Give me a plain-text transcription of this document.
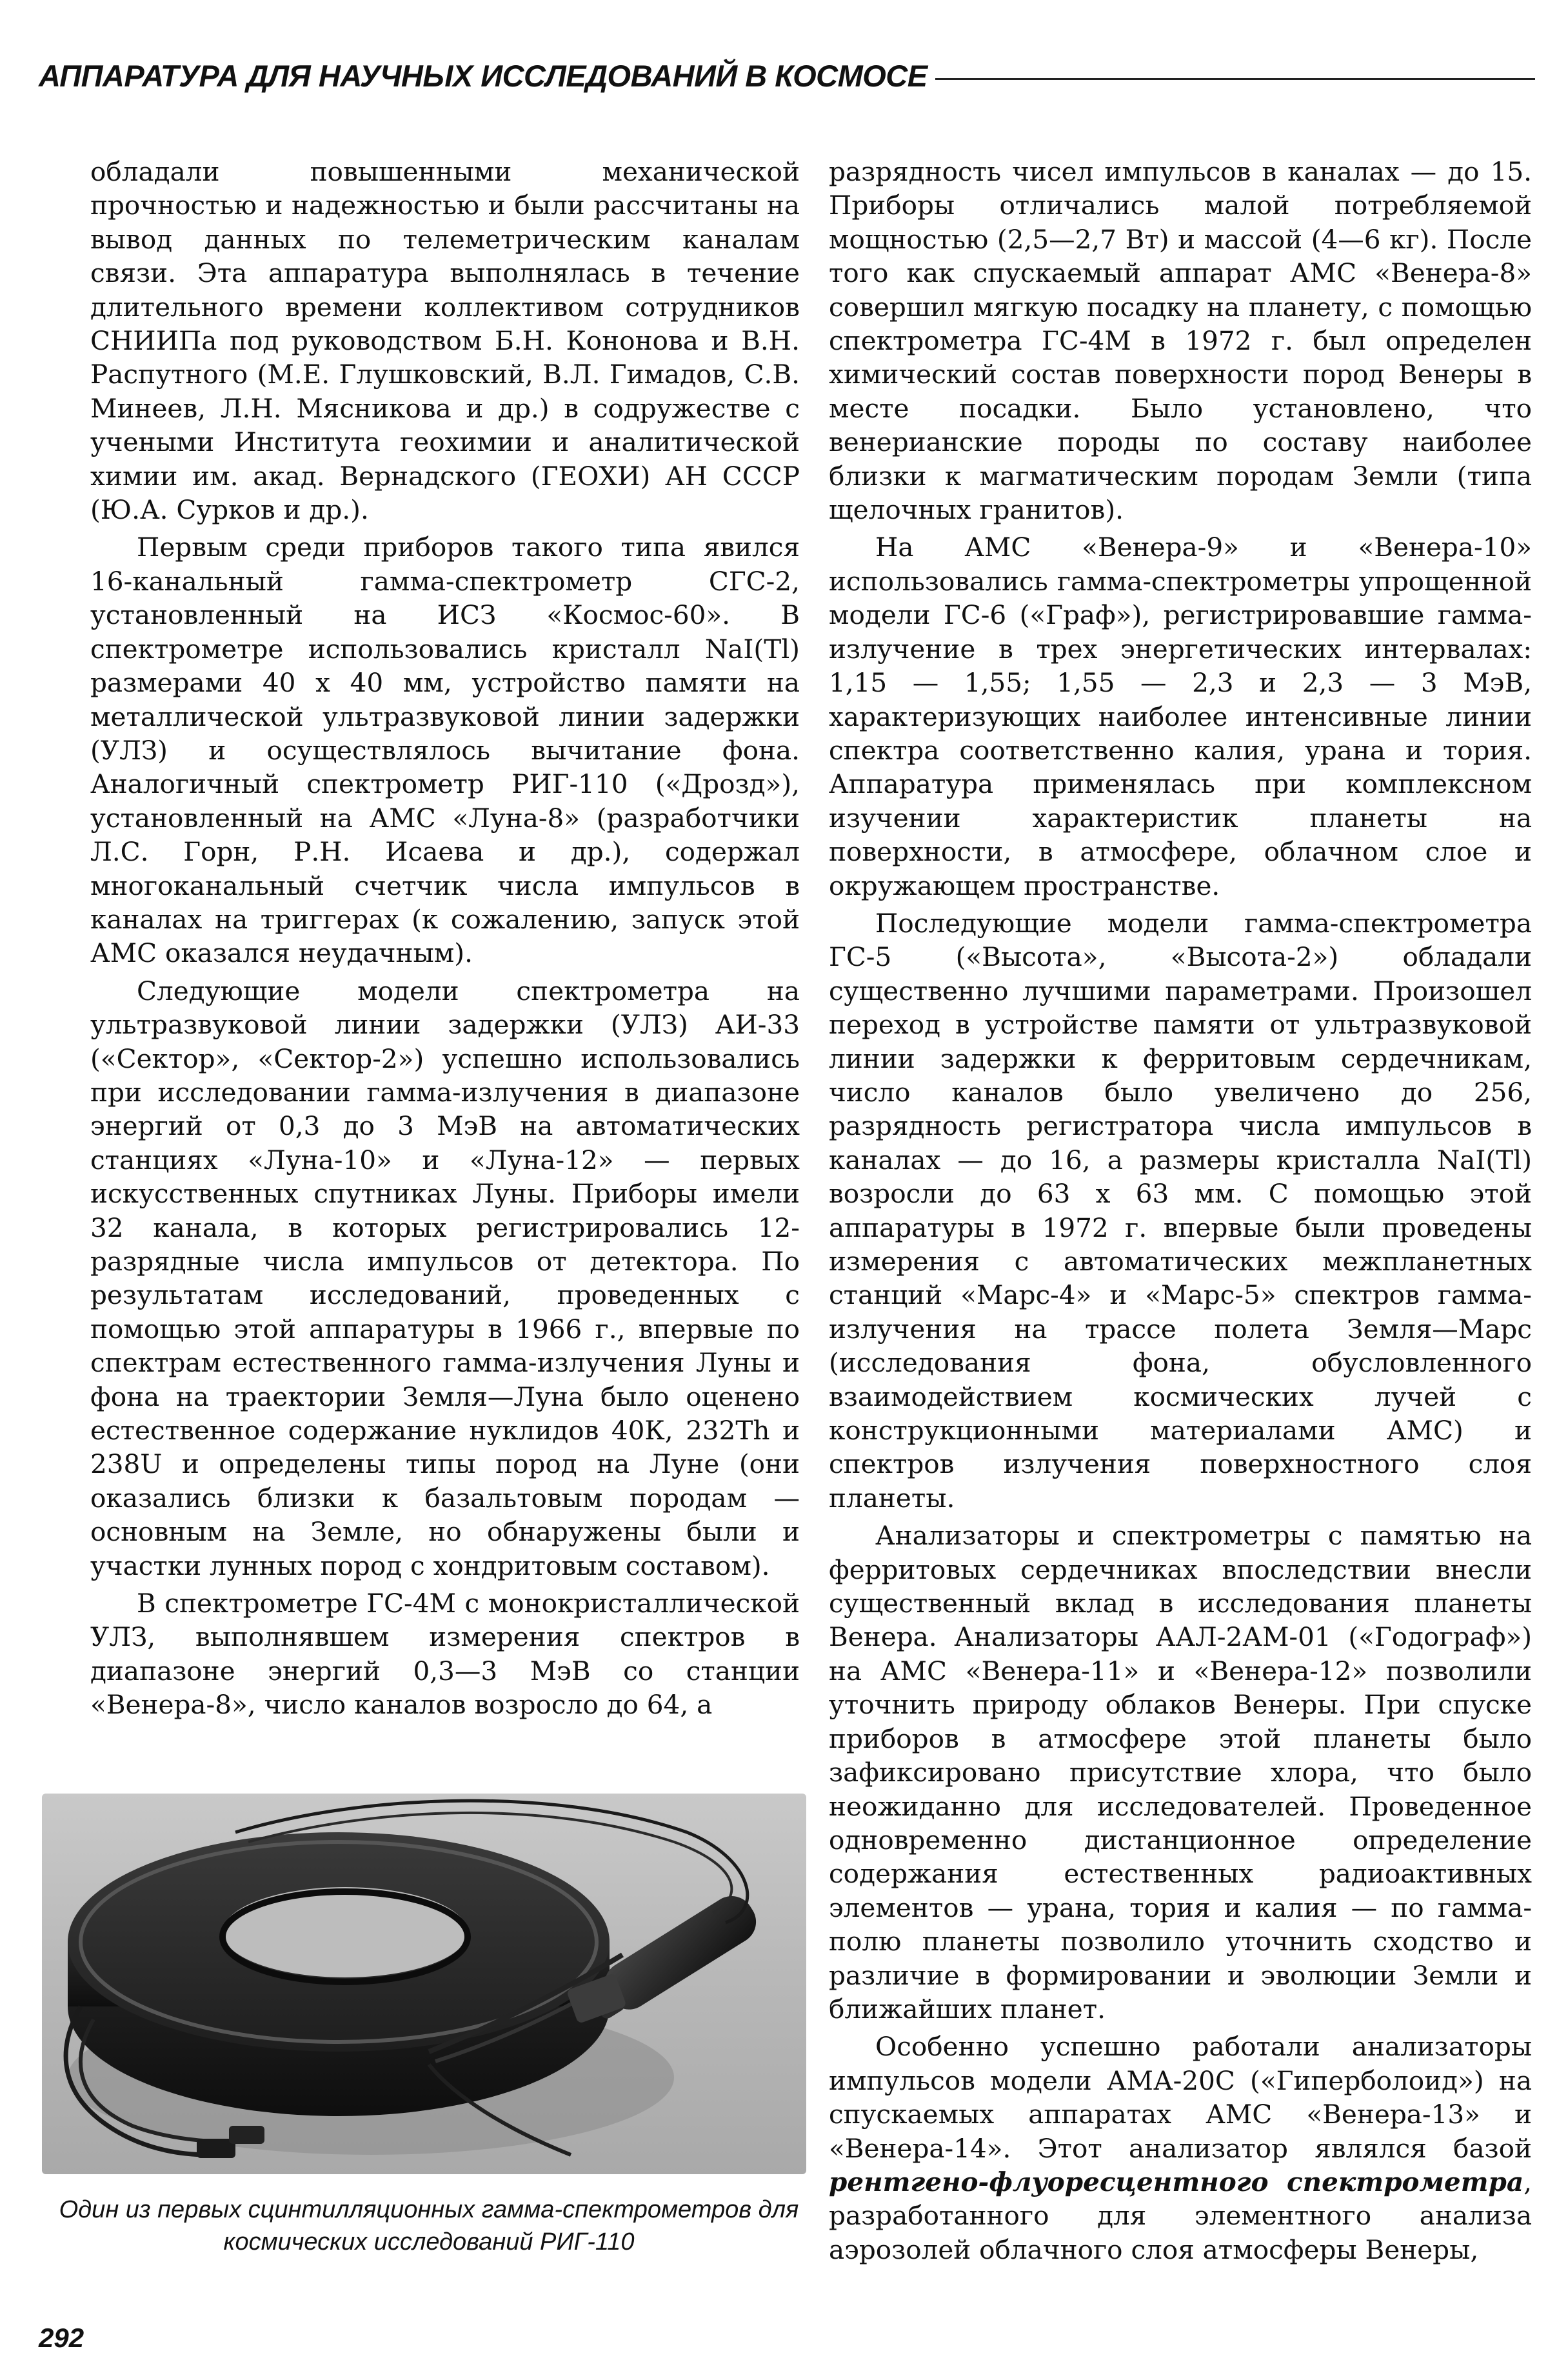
АППАРАТУРА ДЛЯ НАУЧНЫХ ИССЛЕДОВАНИЙ В КОСМОСЕ

обладали повышенными механической прочностью и надежностью и были рассчитаны на вывод данных по телеметрическим каналам связи. Эта аппаратура выполнялась в течение длительного времени коллективом сотрудников СНИИПа под руководством Б.Н. Кононова и В.Н. Распутного (М.Е. Глушковский, В.Л. Гимадов, С.В. Минеев, Л.Н. Мясникова и др.) в содружестве с учеными Института геохимии и аналитической химии им. акад. Вернадского (ГЕОХИ) АН СССР (Ю.А. Сурков и др.).

Первым среди приборов такого типа явился 16-канальный гамма-спектрометр СГС-2, установленный на ИСЗ «Космос-60». В спектрометре использовались кристалл NaI(Tl) размерами 40 х 40 мм, устройство памяти на металлической ультразвуковой линии задержки (УЛЗ) и осуществлялось вычитание фона. Аналогичный спектрометр РИГ-110 («Дрозд»), установленный на АМС «Луна-8» (разработчики Л.С. Горн, Р.Н. Исаева и др.), содержал многоканальный счетчик числа импульсов в каналах на триггерах (к сожалению, запуск этой АМС оказался неудачным).

Следующие модели спектрометра на ультразвуковой линии задержки (УЛЗ) АИ-33 («Сектор», «Сектор-2») успешно использовались при исследовании гамма-излучения в диапазоне энергий от 0,3 до 3 МэВ на автоматических станциях «Луна-10» и «Луна-12» — первых искусственных спутниках Луны. Приборы имели 32 канала, в которых регистрировались 12-разрядные числа импульсов от детектора. По результатам исследований, проведенных с помощью этой аппаратуры в 1966 г., впервые по спектрам естественного гамма-излучения Луны и фона на траектории Земля—Луна было оценено естественное содержание нуклидов 40К, 232Th и 238U и определены типы пород на Луне (они оказались близки к базальтовым породам — основным на Земле, но обнаружены были и участки лунных пород с хондритовым составом).

В спектрометре ГС-4М с монокристаллической УЛЗ, выполнявшем измерения спектров в диапазоне энергий 0,3—3 МэВ со станции «Венера-8», число каналов возросло до 64, а

разрядность чисел импульсов в каналах — до 15. Приборы отличались малой потребляемой мощностью (2,5—2,7 Вт) и массой (4—6 кг). После того как спускаемый аппарат АМС «Венера-8» совершил мягкую посадку на планету, с помощью спектрометра ГС-4М в 1972 г. был определен химический состав поверхности пород Венеры в месте посадки. Было установлено, что венерианские породы по составу наиболее близки к магматическим породам Земли (типа щелочных гранитов).

На АМС «Венера-9» и «Венера-10» использовались гамма-спектрометры упрощенной модели ГС-6 («Граф»), регистрировавшие гамма-излучение в трех энергетических интервалах: 1,15 — 1,55; 1,55 — 2,3 и 2,3 — 3 МэВ, характеризующих наиболее интенсивные линии спектра соответственно калия, урана и тория. Аппаратура применялась при комплексном изучении характеристик планеты на поверхности, в атмосфере, облачном слое и окружающем пространстве.

Последующие модели гамма-спектрометра ГС-5 («Высота», «Высота-2») обладали существенно лучшими параметрами. Произошел переход в устройстве памяти от ультразвуковой линии задержки к ферритовым сердечникам, число каналов было увеличено до 256, разрядность регистратора числа импульсов в каналах — до 16, а размеры кристалла NaI(Tl) возросли до 63 х 63 мм. С помощью этой аппаратуры в 1972 г. впервые были проведены измерения с автоматических межпланетных станций «Марс-4» и «Марс-5» спектров гамма-излучения на трассе полета Земля—Марс (исследования фона, обусловленного взаимодействием космических лучей с конструкционными материалами АМС) и спектров излучения поверхностного слоя планеты.

Анализаторы и спектрометры с памятью на ферритовых сердечниках впоследствии внесли существенный вклад в исследования планеты Венера. Анализаторы ААЛ-2АМ-01 («Годограф») на АМС «Венера-11» и «Венера-12» позволили уточнить природу облаков Венеры. При спуске приборов в атмосфере этой планеты было зафиксировано присутствие хлора, что было неожиданно для исследователей. Проведенное одновременно дистанционное определение содержания естественных радиоактивных элементов — урана, тория и калия — по гамма-полю планеты позволило уточнить сходство и различие в формировании и эволюции Земли и ближайших планет.

Особенно успешно работали анализаторы импульсов модели АМА-20С («Гиперболоид») на спускаемых аппаратах АМС «Венера-13» и «Венера-14». Этот анализатор являлся базой рентгено-флуоресцентного спектрометра, разработанного для элементного анализа аэрозолей облачного слоя атмосферы Венеры,

Один из первых сцинтилляционных гамма-спектрометров для космических исследований РИГ-110
292
